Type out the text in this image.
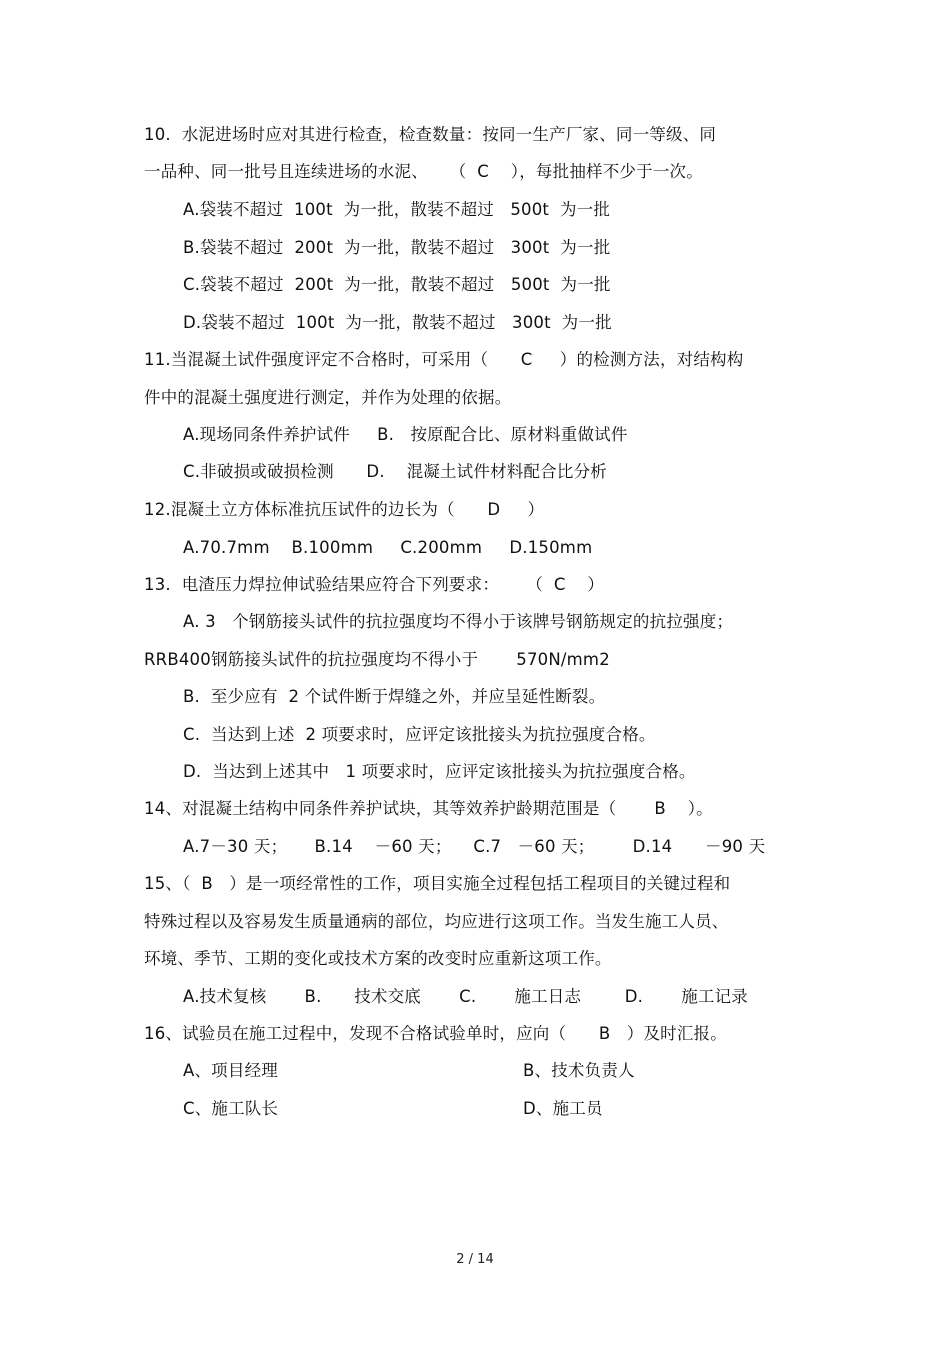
10.  水泥进场时应对其进行检查，检查数量：按同一生产厂家、同一等级、同
一品种、同一批号且连续进场的水泥、    （  C    ），每批抽样不少于一次。
A.袋装不超过  100t  为一批，散装不超过   500t  为一批
B.袋装不超过  200t  为一批，散装不超过   300t  为一批
C.袋装不超过  200t  为一批，散装不超过   500t  为一批
D.袋装不超过  100t  为一批，散装不超过   300t  为一批
11.当混凝土试件强度评定不合格时，可采用（      C     ）的检测方法，对结构构
件中的混凝土强度进行测定，并作为处理的依据。
A.现场同条件养护试件     B.   按原配合比、原材料重做试件
C.非破损或破损检测      D.    混凝土试件材料配合比分析
12.混凝土立方体标准抗压试件的边长为（      D     ）
A.70.7mm    B.100mm     C.200mm     D.150mm
13.  电渣压力焊拉伸试验结果应符合下列要求：     （  C    ）
A. 3   个钢筋接头试件的抗拉强度均不得小于该牌号钢筋规定的抗拉强度；
RRB400钢筋接头试件的抗拉强度均不得小于       570N/mm2
B.  至少应有  2 个试件断于焊缝之外，并应呈延性断裂。
C.  当达到上述  2 项要求时，应评定该批接头为抗拉强度合格。
D.  当达到上述其中   1 项要求时，应评定该批接头为抗拉强度合格。
14、对混凝土结构中同条件养护试块，其等效养护龄期范围是（       B    ）。
A.7－30 天；     B.14    －60 天；    C.7   －60 天；       D.14      －90 天
15、（  B   ）是一项经常性的工作，项目实施全过程包括工程项目的关键过程和
特殊过程以及容易发生质量通病的部位，均应进行这项工作。当发生施工人员、
环境、季节、工期的变化或技术方案的改变时应重新这项工作。
A.技术复核       B.      技术交底       C.       施工日志        D.       施工记录
16、试验员在施工过程中，发现不合格试验单时，应向（      B   ）及时汇报。
A、项目经理	B、技术负责人
C、施工队长	D、施工员
2 / 14
